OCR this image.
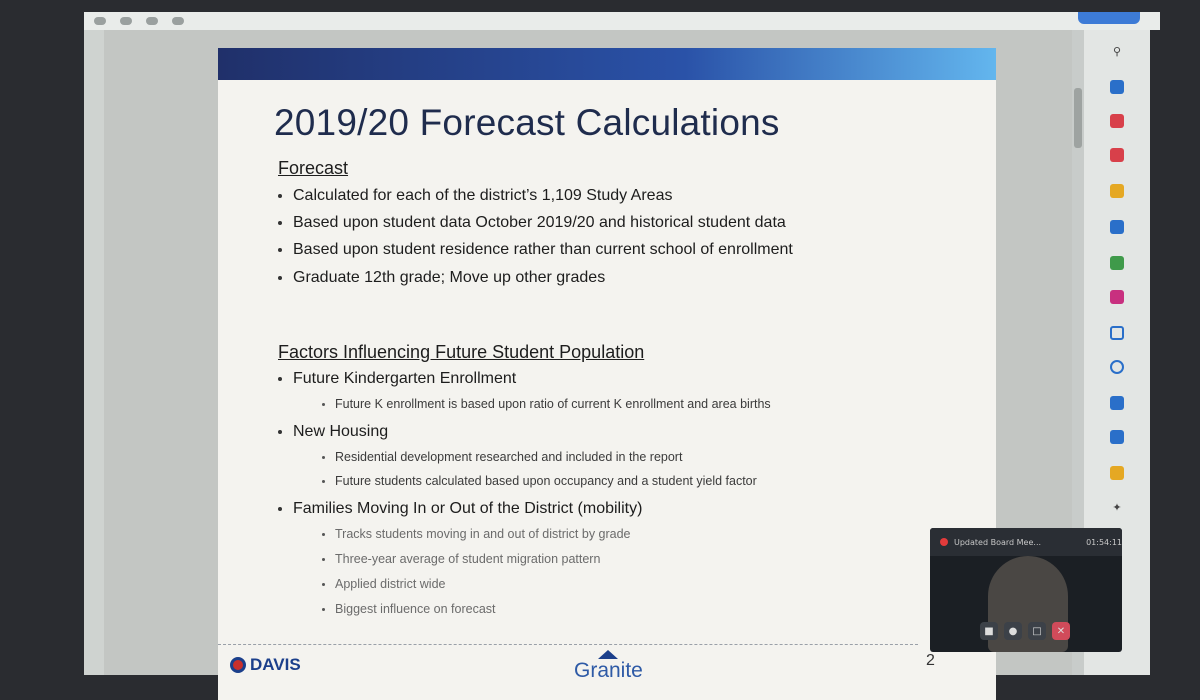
2019/20 Forecast Calculations
Forecast
Calculated for each of the district’s 1,109 Study Areas
Based upon student data October 2019/20 and historical student data
Based upon student residence rather than current school of enrollment
Graduate 12th grade; Move up other grades
Factors Influencing Future Student Population
Future Kindergarten Enrollment
Future K enrollment is based upon ratio of current K enrollment and area births
New Housing
Residential development researched and included in the report
Future students calculated based upon occupancy and a student yield factor
Families Moving In or Out of the District (mobility)
Tracks students moving in and out of district by grade
Three-year average of student migration pattern
Applied district wide
Biggest influence on forecast
DAVIS	Granite	2
⚲
✦
Updated Board Mee...	01:54:11
■	●	□	✕
